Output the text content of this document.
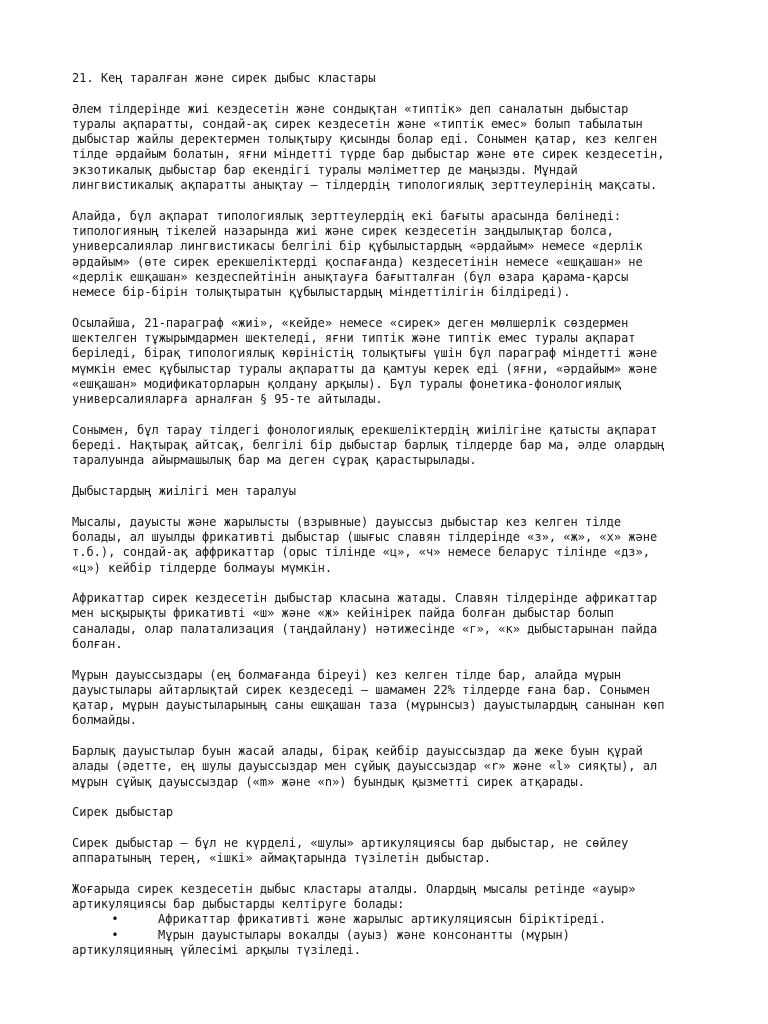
21. Кең таралған және сирек дыбыс кластары

Әлем тілдерінде жиі кездесетін және сондықтан «типтік» деп саналатын дыбыстар
туралы ақпаратты, сондай-ақ сирек кездесетін және «типтік емес» болып табылатын
дыбыстар жайлы деректермен толықтыру қисынды болар еді. Сонымен қатар, кез келген
тілде әрдайым болатын, яғни міндетті түрде бар дыбыстар және өте сирек кездесетін,
экзотикалық дыбыстар бар екендігі туралы мәліметтер де маңызды. Мұндай
лингвистикалық ақпаратты анықтау – тілдердің типологиялық зерттеулерінің мақсаты.

Алайда, бұл ақпарат типологиялық зерттеулердің екі бағыты арасында бөлінеді:
типологияның тікелей назарында жиі және сирек кездесетін заңдылықтар болса,
универсалиялар лингвистикасы белгілі бір құбылыстардың «әрдайым» немесе «дерлік
әрдайым» (өте сирек ерекшеліктерді қоспағанда) кездесетінін немесе «ешқашан» не
«дерлік ешқашан» кездеспейтінін анықтауға бағытталған (бұл өзара қарама-қарсы
немесе бір-бірін толықтыратын құбылыстардың міндеттілігін білдіреді).

Осылайша, 21-параграф «жиі», «кейде» немесе «сирек» деген мөлшерлік сөздермен
шектелген тұжырымдармен шектеледі, яғни типтік және типтік емес туралы ақпарат
беріледі, бірақ типологиялық көріністің толықтығы үшін бұл параграф міндетті және
мүмкін емес құбылыстар туралы ақпаратты да қамтуы керек еді (яғни, «әрдайым» және
«ешқашан» модификаторларын қолдану арқылы). Бұл туралы фонетика-фонологиялық
универсалияларға арналған § 95-те айтылады.

Сонымен, бұл тарау тілдегі фонологиялық ерекшеліктердің жиілігіне қатысты ақпарат
береді. Нақтырақ айтсақ, белгілі бір дыбыстар барлық тілдерде бар ма, әлде олардың
таралуында айырмашылық бар ма деген сұрақ қарастырылады.

Дыбыстардың жиілігі мен таралуы

Мысалы, дауысты және жарылысты (взрывные) дауыссыз дыбыстар кез келген тілде
болады, ал шуылды фрикативті дыбыстар (шығыс славян тілдерінде «з», «ж», «х» және
т.б.), сондай-ақ аффрикаттар (орыс тілінде «ц», «ч» немесе беларус тілінде «дз»,
«ц») кейбір тілдерде болмауы мүмкін.

Африкаттар сирек кездесетін дыбыстар класына жатады. Славян тілдерінде африкаттар
мен ысқырықты фрикативті «ш» және «ж» кейінірек пайда болған дыбыстар болып
саналады, олар палатализация (таңдайлану) нәтижесінде «г», «к» дыбыстарынан пайда
болған.

Мұрын дауыссыздары (ең болмағанда біреуі) кез келген тілде бар, алайда мұрын
дауыстылары айтарлықтай сирек кездеседі – шамамен 22% тілдерде ғана бар. Сонымен
қатар, мұрын дауыстыларының саны ешқашан таза (мұрынсыз) дауыстылардың санынан көп
болмайды.

Барлық дауыстылар буын жасай алады, бірақ кейбір дауыссыздар да жеке буын құрай
алады (әдетте, ең шулы дауыссыздар мен сұйық дауыссыздар «r» және «l» сияқты), ал
мұрын сұйық дауыссыздар («m» және «n») буындық қызметті сирек атқарады.

Сирек дыбыстар

Сирек дыбыстар – бұл не күрделі, «шулы» артикуляциясы бар дыбыстар, не сөйлеу
аппаратының терең, «ішкі» аймақтарында түзілетін дыбыстар.

Жоғарыда сирек кездесетін дыбыс кластары аталды. Олардың мысалы ретінде «ауыр»
артикуляциясы бар дыбыстарды келтіруге болады:

•	Африкаттар фрикативті және жарылыс артикуляциясын біріктіреді.
•	Мұрын дауыстылары вокалды (ауыз) және консонантты (мұрын)
артикуляцияның үйлесімі арқылы түзіледі.
